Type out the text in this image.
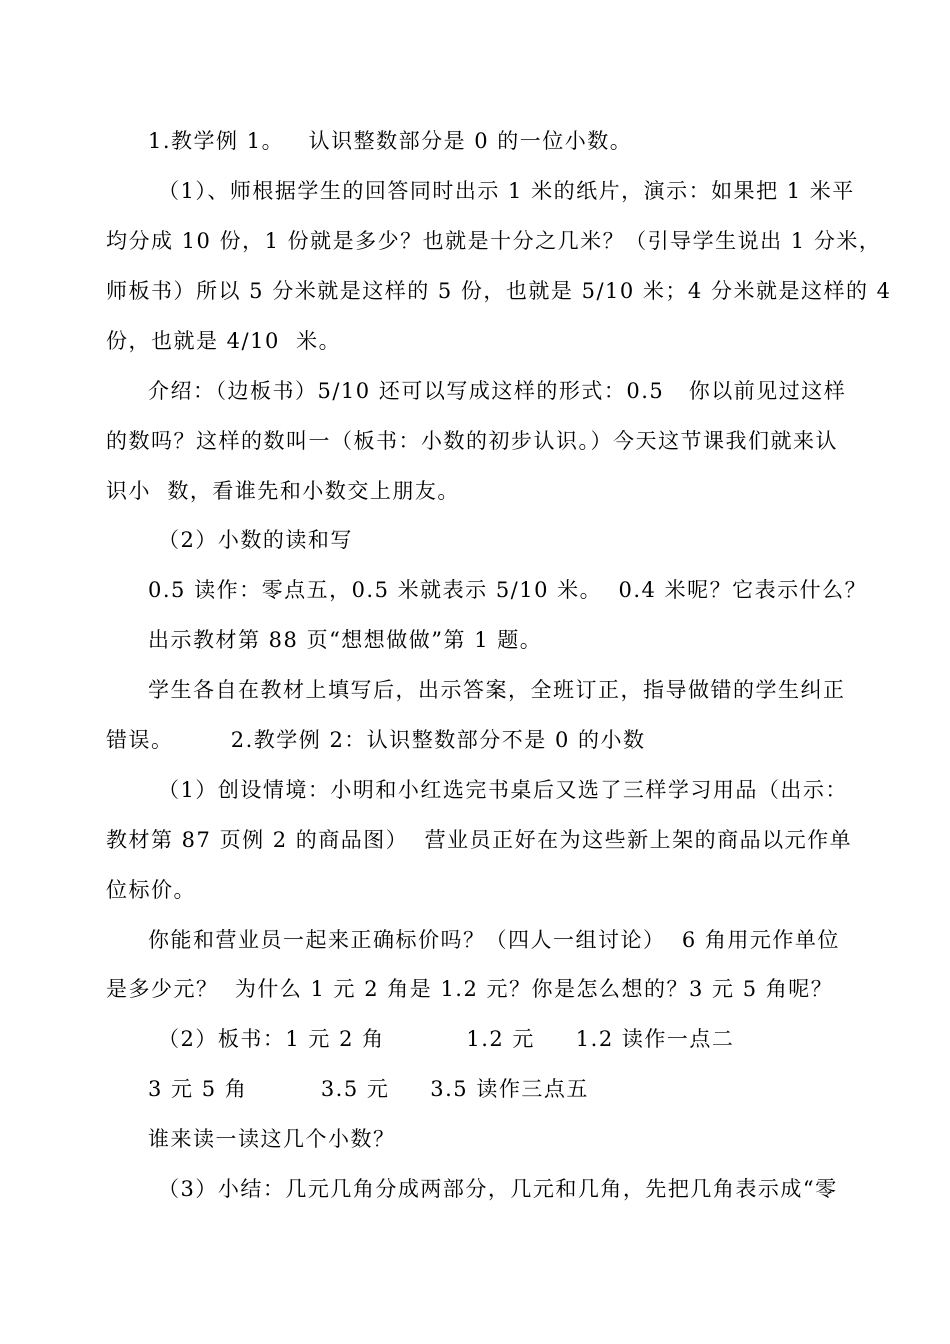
1.教学例 1。   认识整数部分是 0 的一位小数。
（1）、师根据学生的回答同时出示 1 米的纸片，演示：如果把 1 米平
均分成 10 份，1 份就是多少？也就是十分之几米？（引导学生说出 1 分米，
师板书）所以 5 分米就是这样的 5 份，也就是 5/10 米；4 分米就是这样的 4
份，也就是 4/10  米。
介绍：（边板书）5/10 还可以写成这样的形式：0.5   你以前见过这样
的数吗？这样的数叫一（板书：小数的初步认识。）今天这节课我们就来认
识小  数，看谁先和小数交上朋友。
（2）小数的读和写
0.5 读作：零点五，0.5 米就表示 5/10 米。  0.4 米呢？它表示什么？
出示教材第 88 页“想想做做”第 1 题。
学生各自在教材上填写后，出示答案，全班订正，指导做错的学生纠正
错误。       2.教学例 2：认识整数部分不是 0 的小数
（1）创设情境：小明和小红选完书桌后又选了三样学习用品（出示：
教材第 87 页例 2 的商品图）  营业员正好在为这些新上架的商品以元作单
位标价。
你能和营业员一起来正确标价吗？（四人一组讨论）  6 角用元作单位
是多少元？  为什么 1 元 2 角是 1.2 元？你是怎么想的？3 元 5 角呢？
（2）板书：1 元 2 角          1.2 元     1.2 读作一点二
3 元 5 角         3.5 元     3.5 读作三点五
谁来读一读这几个小数？
（3）小结：几元几角分成两部分，几元和几角，先把几角表示成“零
